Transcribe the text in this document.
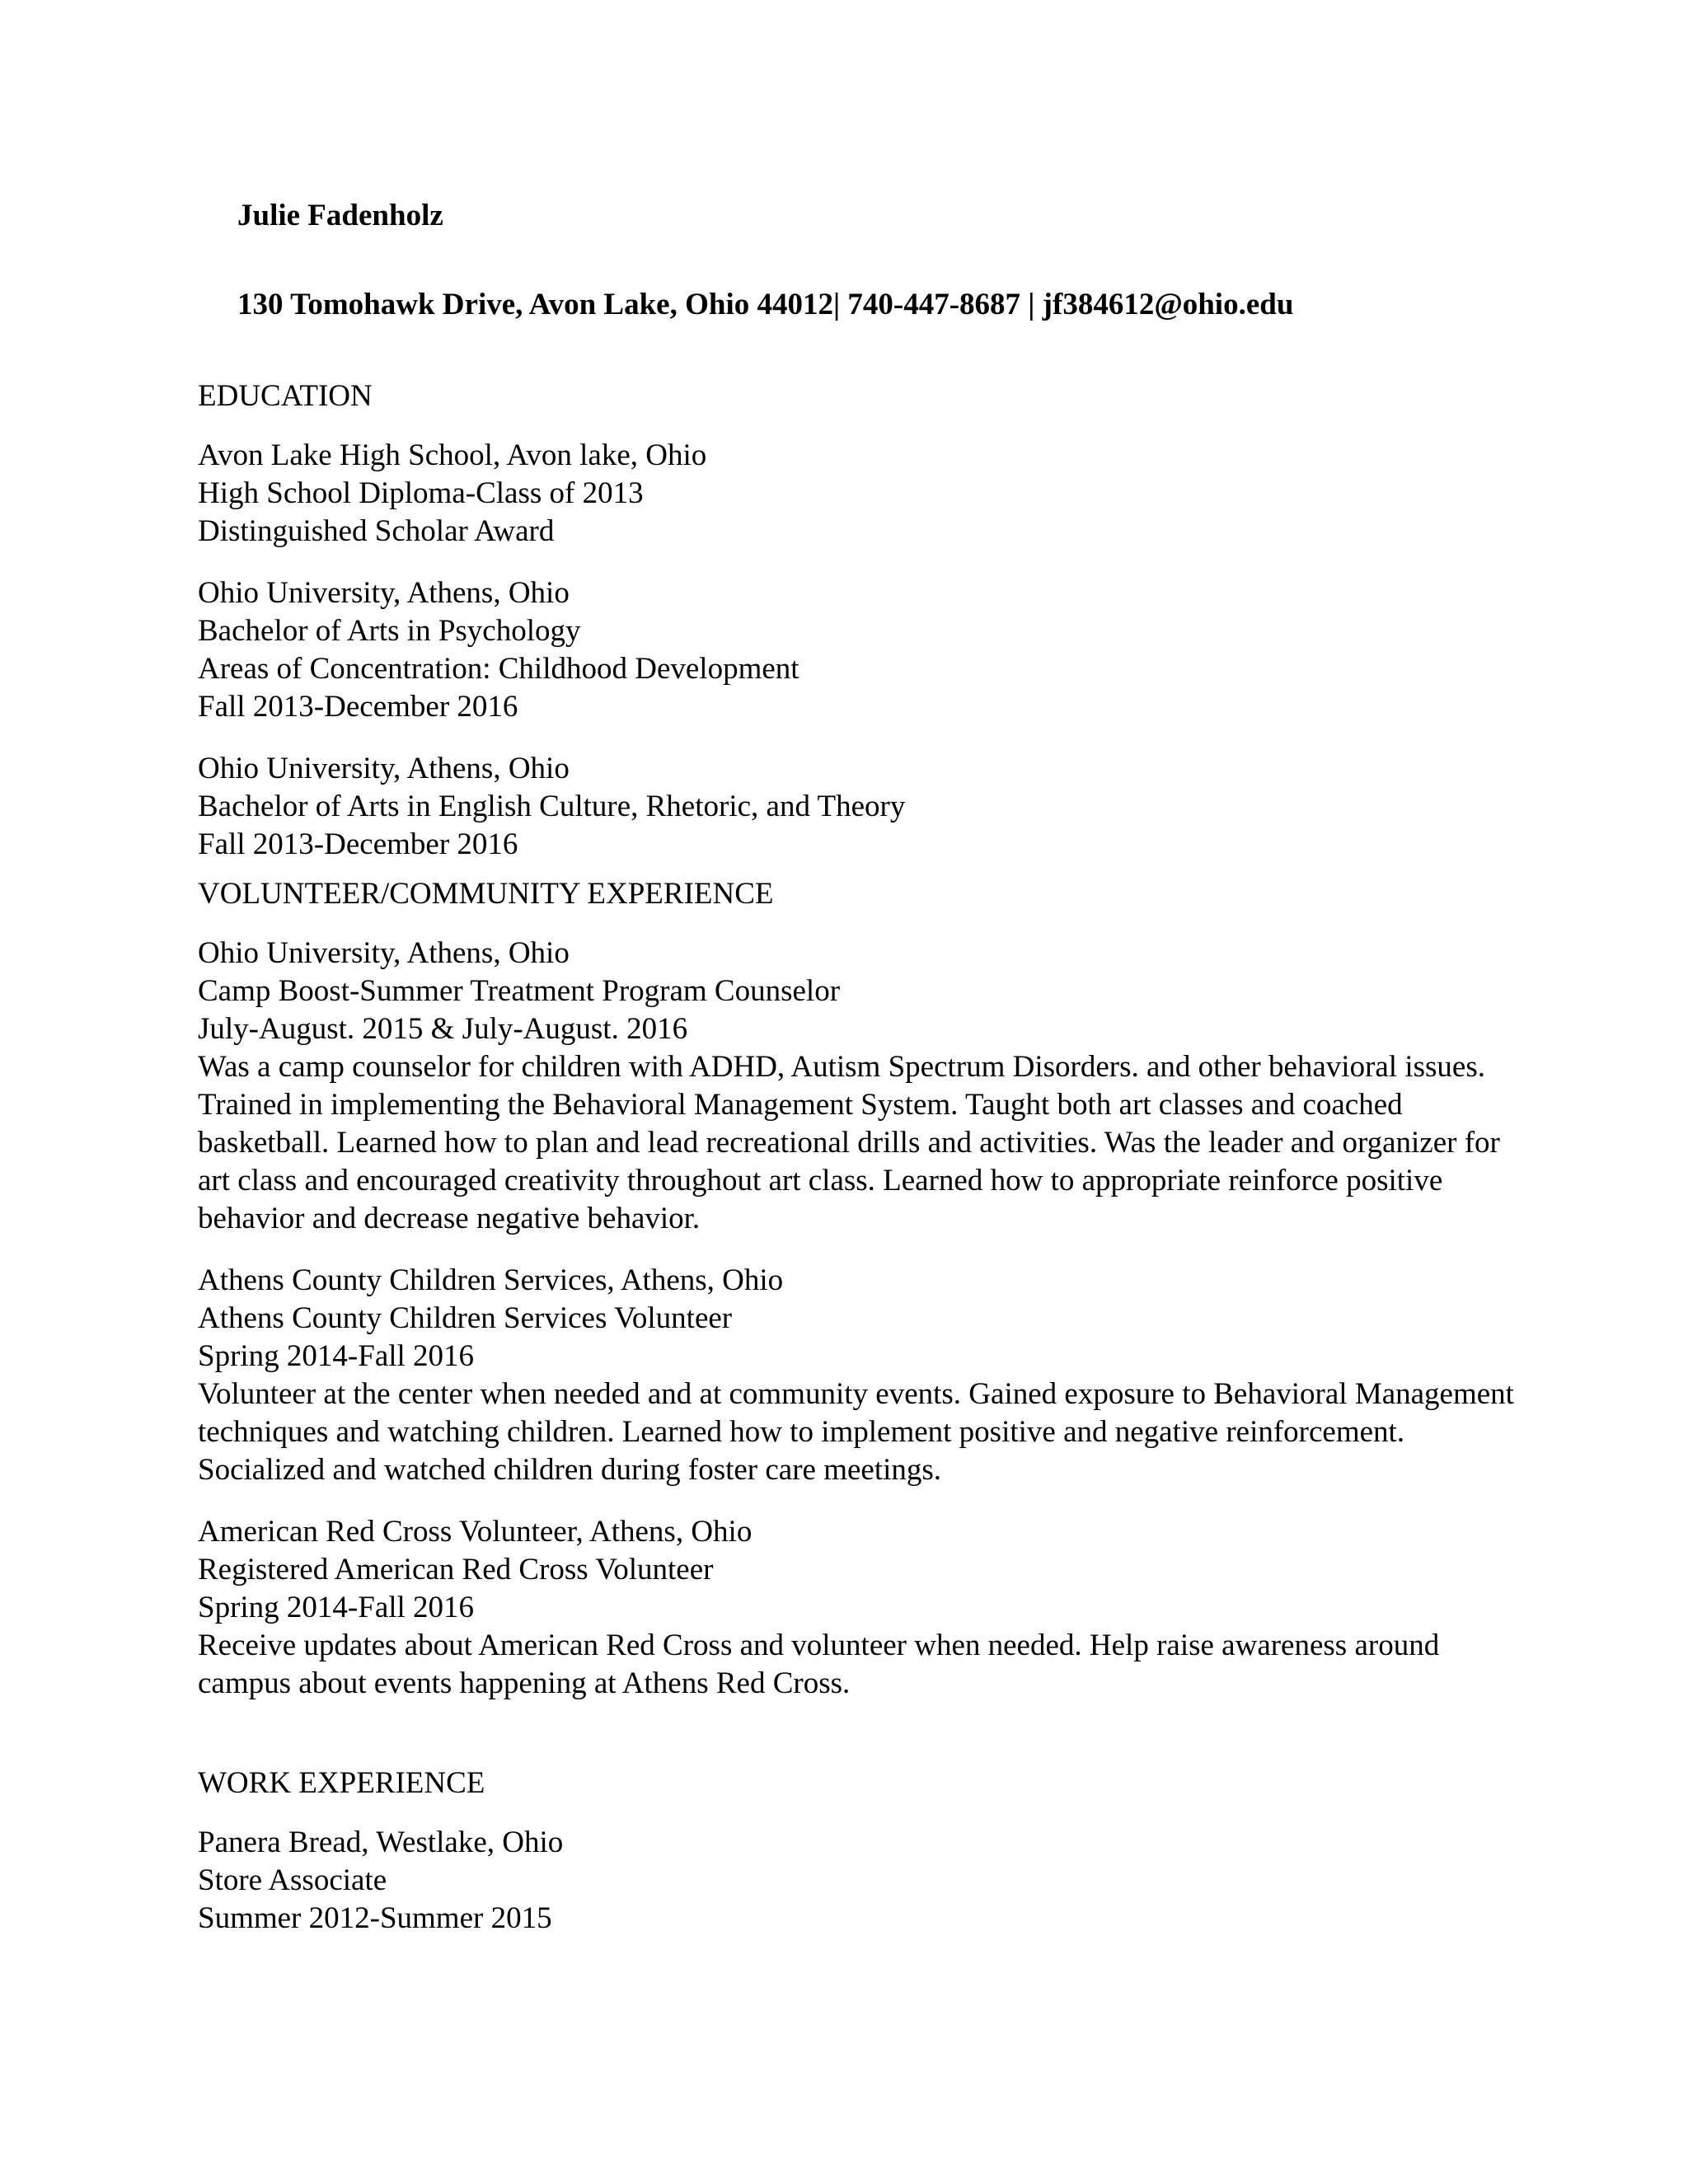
Julie Fadenholz
130 Tomohawk Drive, Avon Lake, Ohio 44012| 740-447-8687 | jf384612@ohio.edu
EDUCATION
Avon Lake High School, Avon lake, Ohio
High School Diploma-Class of 2013
Distinguished Scholar Award
Ohio University, Athens, Ohio
Bachelor of Arts in Psychology
Areas of Concentration: Childhood Development
Fall 2013-December 2016
Ohio University, Athens, Ohio
Bachelor of Arts in English Culture, Rhetoric, and Theory
Fall 2013-December 2016
VOLUNTEER/COMMUNITY EXPERIENCE
Ohio University, Athens, Ohio
Camp Boost-Summer Treatment Program Counselor
July-August. 2015 & July-August. 2016
Was a camp counselor for children with ADHD, Autism Spectrum Disorders. and other behavioral issues. Trained in implementing the Behavioral Management System. Taught both art classes and coached basketball. Learned how to plan and lead recreational drills and activities. Was the leader and organizer for art class and encouraged creativity throughout art class. Learned how to appropriate reinforce positive behavior and decrease negative behavior.
Athens County Children Services, Athens, Ohio
Athens County Children Services Volunteer
Spring 2014-Fall 2016
Volunteer at the center when needed and at community events. Gained exposure to Behavioral Management techniques and watching children. Learned how to implement positive and negative reinforcement. Socialized and watched children during foster care meetings.
American Red Cross Volunteer, Athens, Ohio
Registered American Red Cross Volunteer
Spring 2014-Fall 2016
Receive updates about American Red Cross and volunteer when needed. Help raise awareness around campus about events happening at Athens Red Cross.
WORK EXPERIENCE
Panera Bread, Westlake, Ohio
Store Associate
Summer 2012-Summer 2015
